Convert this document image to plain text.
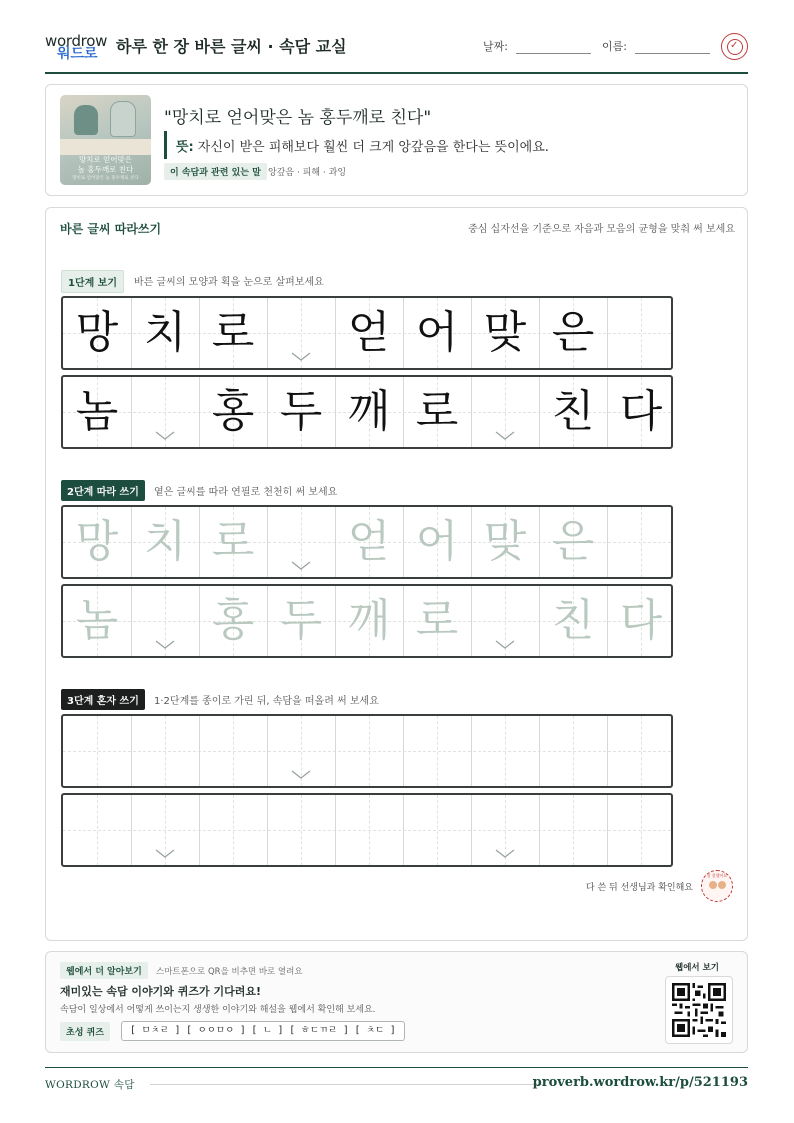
wordrow
워드로 하루 한 장 바른 글씨 · 속담 교실	날짜:	이름:	✓
망치로 얻어맞은
놈 홍두깨로 친다
망치로 얻어맞은 놈 홍두깨로 친다
"망치로 얻어맞은 놈 홍두깨로 친다"
뜻: 자신이 받은 피해보다 훨씬 더 크게 앙갚음을 한다는 뜻이에요.
이 속담과 관련 있는 말 앙갚음 · 피해 · 과잉
바른 글씨 따라쓰기	중심 십자선을 기준으로 자음과 모음의 균형을 맞춰 써 보세요
1단계 보기	바른 글씨의 모양과 획을 눈으로 살펴보세요
망 치 로 얻 어 맞 은
놈 홍 두 깨 로 친 다
2단계 따라 쓰기	옅은 글씨를 따라 연필로 천천히 써 보세요
망 치 로 얻 어 맞 은
놈 홍 두 깨 로 친 다
3단계 혼자 쓰기	1·2단계를 종이로 가린 뒤, 속담을 떠올려 써 보세요
다 쓴 뒤 선생님과 확인해요
참 잘했어요
웹에서 더 알아보기	스마트폰으로 QR을 비추면 바로 열려요
재미있는 속담 이야기와 퀴즈가 기다려요!
속담이 일상에서 어떻게 쓰이는지 생생한 이야기와 해설을 웹에서 확인해 보세요.
초성 퀴즈	[ ㅁㅊㄹ ] [ ㅇㅇㅁㅇ ] [ ㄴ ] [ ㅎㄷㄲㄹ ] [ ㅊㄷ ]
웹에서 보기
WORDROW 속담	proverb.wordrow.kr/p/521193
